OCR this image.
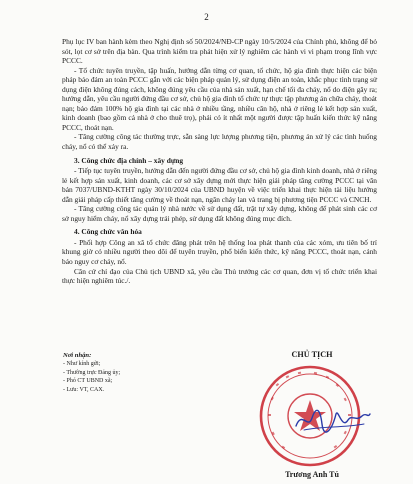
2

Phụ lục IV ban hành kèm theo Nghị định số 50/2024/NĐ-CP ngày 10/5/2024 của Chính phủ, không để bỏ sót, lọt cơ sở trên địa bàn. Qua trình kiểm tra phát hiện xử lý nghiêm các hành vi vi phạm trong lĩnh vực PCCC.

- Tổ chức tuyên truyền, tập huấn, hướng dẫn từng cơ quan, tổ chức, hộ gia đình thực hiện các biện pháp bảo đảm an toàn PCCC gắn với các biện pháp quản lý, sử dụng điện an toàn, khắc phục tình trạng sử dụng điện không đúng cách, không đúng yêu cầu của nhà sản xuất, hạn chế tối đa cháy, nổ do điện gây ra; hướng dẫn, yêu cầu người đứng đầu cơ sở, chủ hộ gia đình tổ chức tự thực tập phương án chữa cháy, thoát nạn; bảo đảm 100% hộ gia đình tại các nhà ở nhiều tầng, nhiều căn hộ, nhà ở riêng lẻ kết hợp sản xuất, kinh doanh (bao gồm cả nhà ở cho thuê trọ), phải có ít nhất một người được tập huấn kiến thức kỹ năng PCCC, thoát nạn.

- Tăng cường công tác thường trực, sẵn sàng lực lượng phương tiện, phương án xử lý các tình huống cháy, nổ có thể xảy ra.

3. Công chức địa chính – xây dựng

- Tiếp tục tuyên truyền, hướng dẫn đến người đứng đầu cơ sở, chủ hộ gia đình kinh doanh, nhà ở riêng lẻ kết hợp sản xuất, kinh doanh, các cơ sở xây dựng mới thực hiện giải pháp tăng cường PCCC tại văn bản 7037/UBND-KTHT ngày 30/10/2024 của UBND huyện về việc triển khai thực hiện tài liệu hướng dẫn giải pháp cấp thiết tăng cường về thoát nạn, ngăn cháy lan và trang bị phương tiện PCCC và CNCH.

- Tăng cường công tác quản lý nhà nước về sử dụng đất, trật tự xây dựng, không để phát sinh các cơ sở nguy hiểm cháy, nổ xây dựng trái phép, sử dụng đất không đúng mục đích.

4. Công chức văn hóa

- Phối hợp Công an xã tổ chức đăng phát trên hệ thống loa phát thanh của các xóm, ưu tiên bố trí khung giờ có nhiều người theo dõi để tuyên truyền, phổ biến kiến thức, kỹ năng PCCC, thoát nạn, cảnh báo nguy cơ cháy, nổ.

Căn cứ chỉ đạo của Chủ tịch UBND xã, yêu cầu Thủ trưởng các cơ quan, đơn vị tổ chức triển khai thực hiện nghiêm túc./.

Nơi nhận:
- Như kính gửi;
- Thường trực Đảng ủy;
- Phó CT UBND xã;
- Lưu: VT, CAX.
CHỦ TỊCH
Trương Anh Tú
